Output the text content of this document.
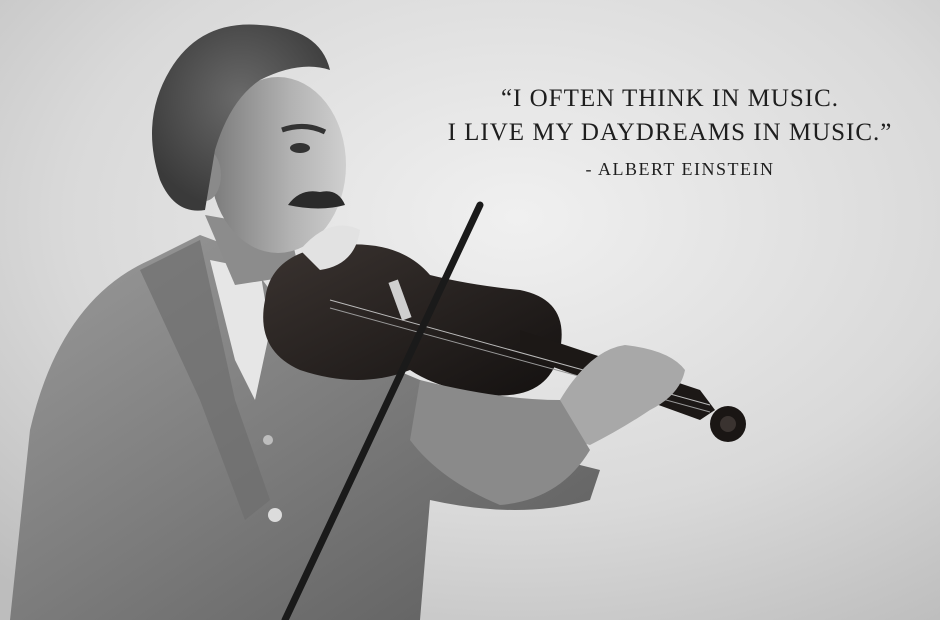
“I OFTEN THINK IN MUSIC.
I LIVE MY DAYDREAMS IN MUSIC.”
- ALBERT EINSTEIN
